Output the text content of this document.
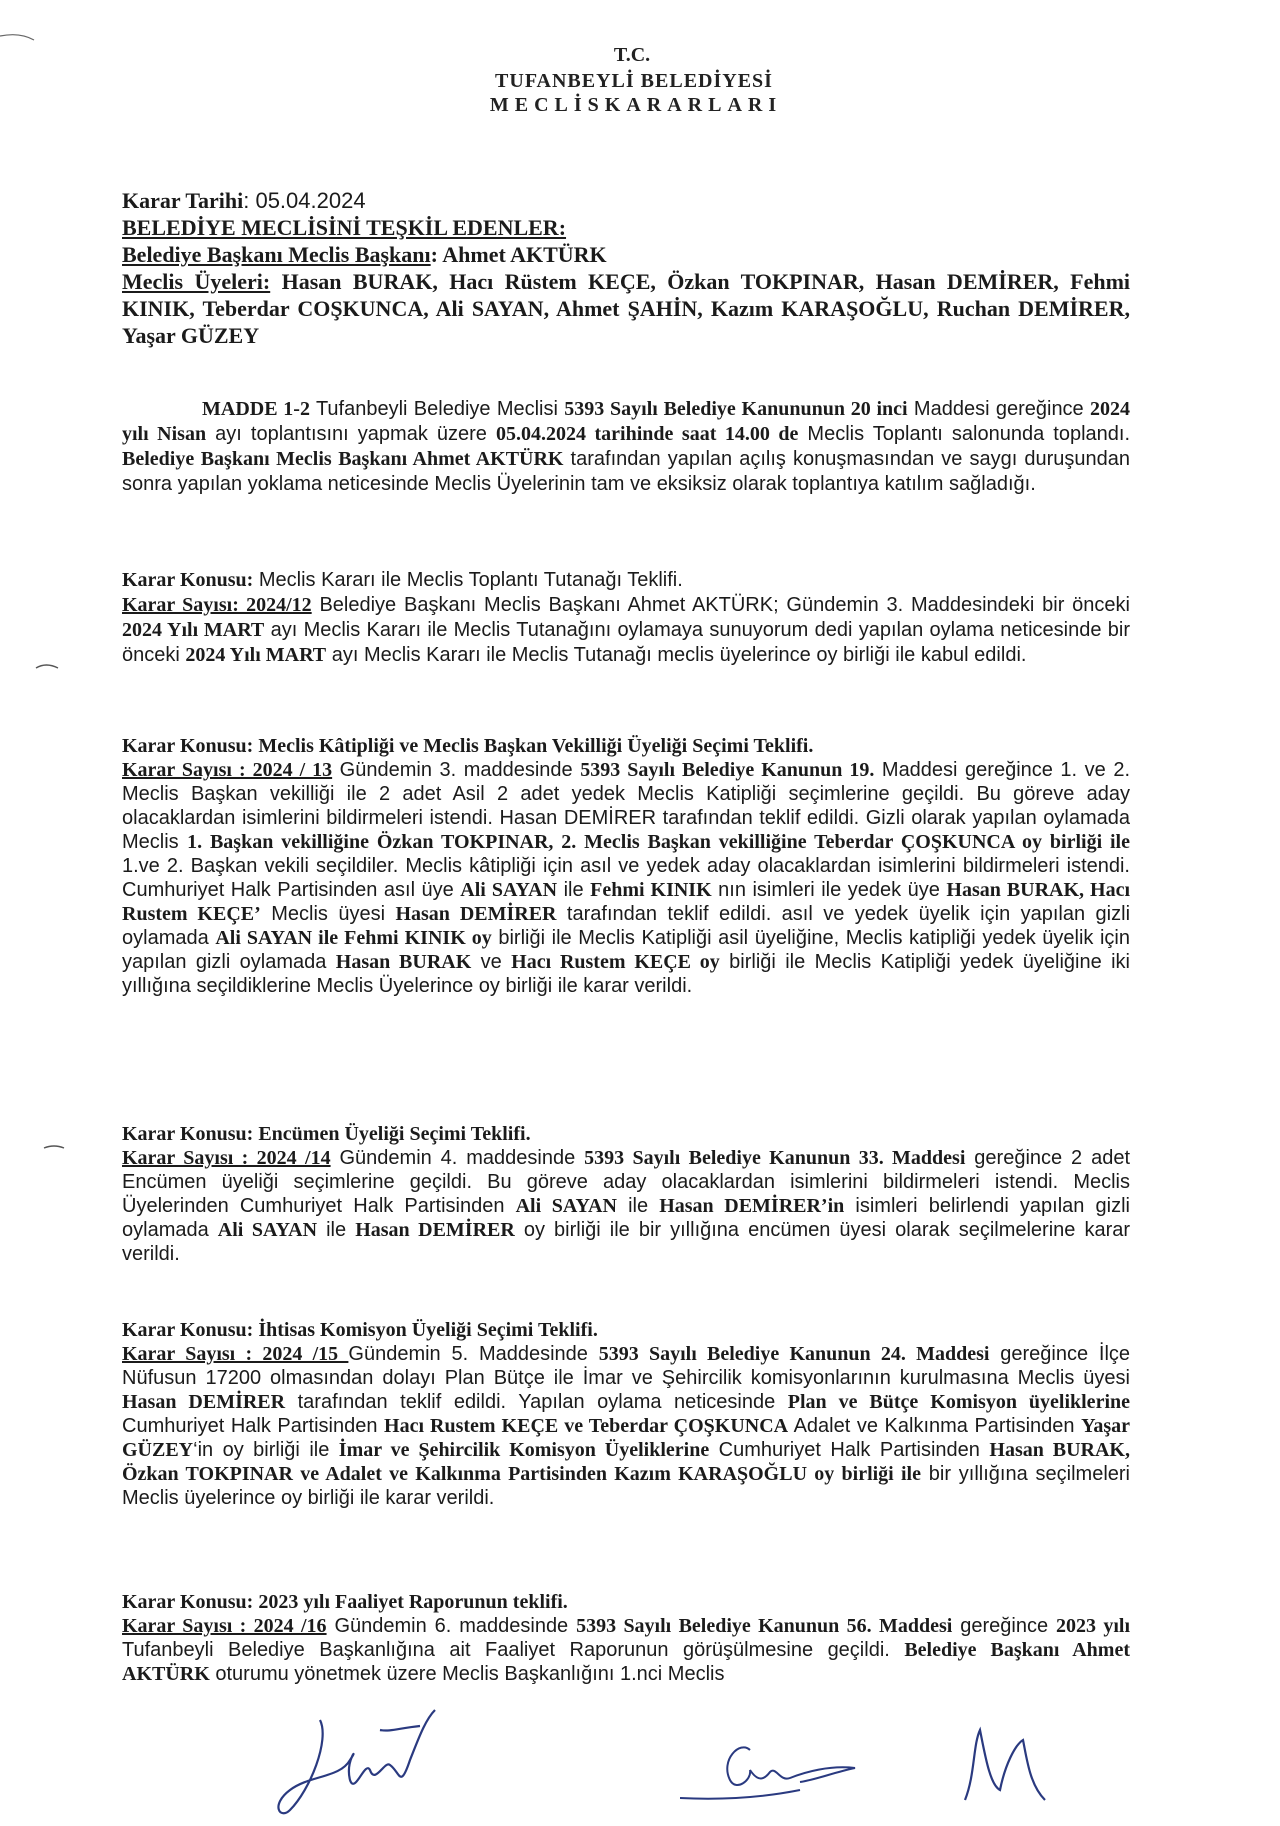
T.C.
TUFANBEYLİ BELEDİYESİ
MECLİSKARARLARI
Karar Tarihi: 05.04.2024
BELEDİYE MECLİSİNİ TEŞKİL EDENLER:
Belediye Başkanı Meclis Başkanı: Ahmet AKTÜRK
Meclis Üyeleri: Hasan BURAK, Hacı Rüstem KEÇE, Özkan TOKPINAR, Hasan DEMİRER, Fehmi KINIK, Teberdar COŞKUNCA, Ali SAYAN, Ahmet ŞAHİN, Kazım KARAŞOĞLU, Ruchan DEMİRER, Yaşar GÜZEY
MADDE 1-2 Tufanbeyli Belediye Meclisi 5393 Sayılı Belediye Kanununun 20 inci Maddesi gereğince 2024 yılı Nisan ayı toplantısını yapmak üzere 05.04.2024 tarihinde saat 14.00 de Meclis Toplantı salonunda toplandı. Belediye Başkanı Meclis Başkanı Ahmet AKTÜRK tarafından yapılan açılış konuşmasından ve saygı duruşundan sonra yapılan yoklama neticesinde Meclis Üyelerinin tam ve eksiksiz olarak toplantıya katılım sağladığı.
Karar Konusu: Meclis Kararı ile Meclis Toplantı Tutanağı Teklifi.
Karar Sayısı: 2024/12 Belediye Başkanı Meclis Başkanı Ahmet AKTÜRK; Gündemin 3. Maddesindeki bir önceki 2024 Yılı MART ayı Meclis Kararı ile Meclis Tutanağını oylamaya sunuyorum dedi yapılan oylama neticesinde bir önceki 2024 Yılı MART ayı Meclis Kararı ile Meclis Tutanağı meclis üyelerince oy birliği ile kabul edildi.
Karar Konusu: Meclis Kâtipliği ve Meclis Başkan Vekilliği Üyeliği Seçimi Teklifi.
Karar Sayısı : 2024 / 13 Gündemin 3. maddesinde 5393 Sayılı Belediye Kanunun 19. Maddesi gereğince 1. ve 2. Meclis Başkan vekilliği ile 2 adet Asil 2 adet yedek Meclis Katipliği seçimlerine geçildi. Bu göreve aday olacaklardan isimlerini bildirmeleri istendi. Hasan DEMİRER tarafından teklif edildi. Gizli olarak yapılan oylamada Meclis 1. Başkan vekilliğine Özkan TOKPINAR, 2. Meclis Başkan vekilliğine Teberdar ÇOŞKUNCA oy birliği ile 1.ve 2. Başkan vekili seçildiler. Meclis kâtipliği için asıl ve yedek aday olacaklardan isimlerini bildirmeleri istendi. Cumhuriyet Halk Partisinden asıl üye Ali SAYAN ile Fehmi KINIK nın isimleri ile yedek üye Hasan BURAK, Hacı Rustem KEÇE’ Meclis üyesi Hasan DEMİRER tarafından teklif edildi. asıl ve yedek üyelik için yapılan gizli oylamada Ali SAYAN ile Fehmi KINIK oy birliği ile Meclis Katipliği asil üyeliğine, Meclis katipliği yedek üyelik için yapılan gizli oylamada Hasan BURAK ve Hacı Rustem KEÇE oy birliği ile Meclis Katipliği yedek üyeliğine iki yıllığına seçildiklerine Meclis Üyelerince oy birliği ile karar verildi.
Karar Konusu: Encümen Üyeliği Seçimi Teklifi.
Karar Sayısı : 2024 /14 Gündemin 4. maddesinde 5393 Sayılı Belediye Kanunun 33. Maddesi gereğince 2 adet Encümen üyeliği seçimlerine geçildi. Bu göreve aday olacaklardan isimlerini bildirmeleri istendi. Meclis Üyelerinden Cumhuriyet Halk Partisinden Ali SAYAN ile Hasan DEMİRER’in isimleri belirlendi yapılan gizli oylamada Ali SAYAN ile Hasan DEMİRER oy birliği ile bir yıllığına encümen üyesi olarak seçilmelerine karar verildi.
Karar Konusu: İhtisas Komisyon Üyeliği Seçimi Teklifi.
Karar Sayısı : 2024 /15 Gündemin 5. Maddesinde 5393 Sayılı Belediye Kanunun 24. Maddesi gereğince İlçe Nüfusun 17200 olmasından dolayı Plan Bütçe ile İmar ve Şehircilik komisyonlarının kurulmasına Meclis üyesi Hasan DEMİRER tarafından teklif edildi. Yapılan oylama neticesinde Plan ve Bütçe Komisyon üyeliklerine Cumhuriyet Halk Partisinden Hacı Rustem KEÇE ve Teberdar ÇOŞKUNCA Adalet ve Kalkınma Partisinden Yaşar GÜZEY‘in oy birliği ile İmar ve Şehircilik Komisyon Üyeliklerine Cumhuriyet Halk Partisinden Hasan BURAK, Özkan TOKPINAR ve Adalet ve Kalkınma Partisinden Kazım KARAŞOĞLU oy birliği ile bir yıllığına seçilmeleri Meclis üyelerince oy birliği ile karar verildi.
Karar Konusu: 2023 yılı Faaliyet Raporunun teklifi.
Karar Sayısı : 2024 /16 Gündemin 6. maddesinde 5393 Sayılı Belediye Kanunun 56. Maddesi gereğince 2023 yılı Tufanbeyli Belediye Başkanlığına ait Faaliyet Raporunun görüşülmesine geçildi. Belediye Başkanı Ahmet AKTÜRK oturumu yönetmek üzere Meclis Başkanlığını 1.nci Meclis
